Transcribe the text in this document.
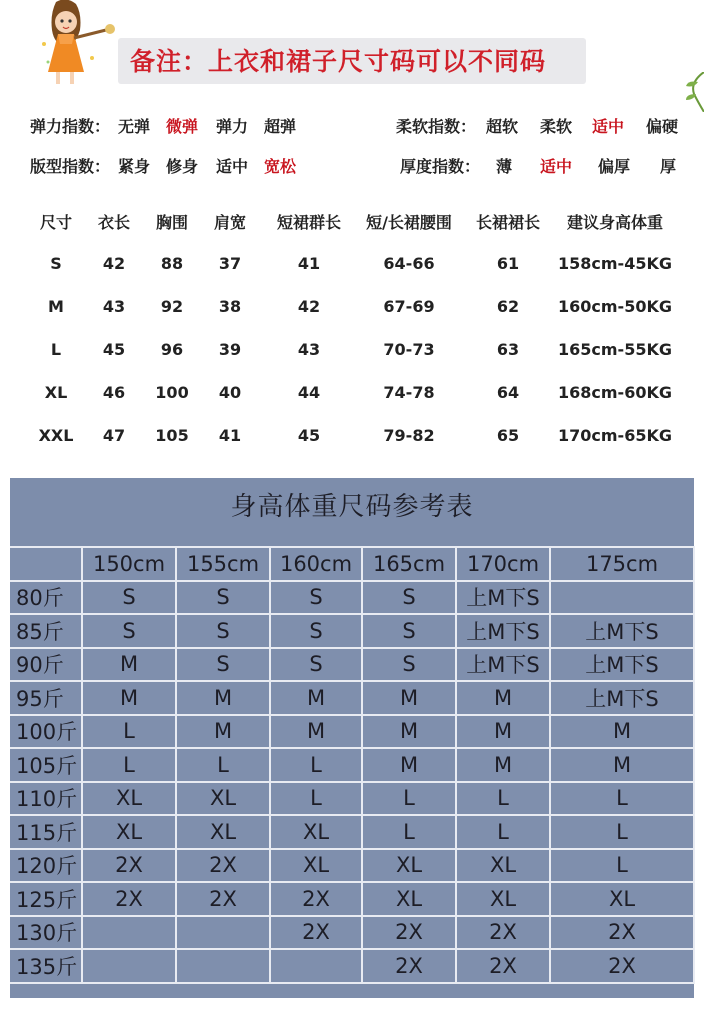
备注：上衣和裙子尺寸码可以不同码
弹力指数： 无弹 微弹 弹力 超弹	柔软指数： 超软 柔软 适中 偏硬
版型指数： 紧身 修身 适中 宽松	厚度指数： 薄 适中 偏厚 厚
尺寸	衣长	胸围	肩宽	短裙群长	短/长裙腰围	长裙裙长	建议身高体重
S	42	88	37	41	64-66	61	158cm-45KG
M	43	92	38	42	67-69	62	160cm-50KG
L	45	96	39	43	70-73	63	165cm-55KG
XL	46	100	40	44	74-78	64	168cm-60KG
XXL	47	105	41	45	79-82	65	170cm-65KG
身高体重尺码参考表
	150cm	155cm	160cm	165cm	170cm	175cm
80斤	S	S	S	S	上M下S	
85斤	S	S	S	S	上M下S	上M下S
90斤	M	S	S	S	上M下S	上M下S
95斤	M	M	M	M	M	上M下S
100斤	L	M	M	M	M	M
105斤	L	L	L	M	M	M
110斤	XL	XL	L	L	L	L
115斤	XL	XL	XL	L	L	L
120斤	2X	2X	XL	XL	XL	L
125斤	2X	2X	2X	XL	XL	XL
130斤			2X	2X	2X	2X
135斤				2X	2X	2X
